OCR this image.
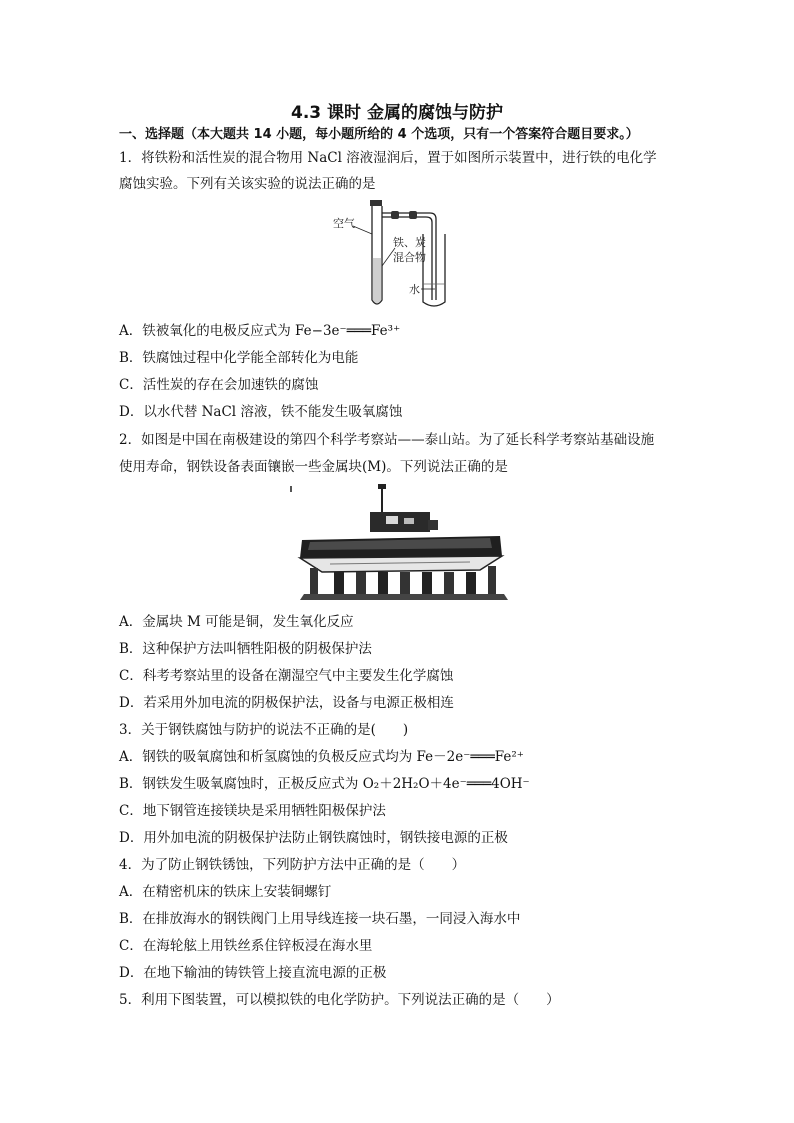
4.3 课时 金属的腐蚀与防护
一、选择题（本大题共 14 小题，每小题所给的 4 个选项，只有一个答案符合题目要求。）
1．将铁粉和活性炭的混合物用 NaCl 溶液湿润后，置于如图所示装置中，进行铁的电化学
腐蚀实验。下列有关该实验的说法正确的是
空气
铁、炭
混合物
水
A．铁被氧化的电极反应式为 Fe−3e⁻═══Fe³⁺
B．铁腐蚀过程中化学能全部转化为电能
C．活性炭的存在会加速铁的腐蚀
D．以水代替 NaCl 溶液，铁不能发生吸氧腐蚀
2．如图是中国在南极建设的第四个科学考察站——泰山站。为了延长科学考察站基础设施
使用寿命，钢铁设备表面镶嵌一些金属块(M)。下列说法正确的是
A．金属块 M 可能是铜，发生氧化反应
B．这种保护方法叫牺牲阳极的阴极保护法
C．科考考察站里的设备在潮湿空气中主要发生化学腐蚀
D．若采用外加电流的阴极保护法，设备与电源正极相连
3．关于钢铁腐蚀与防护的说法不正确的是(　　)
A．钢铁的吸氧腐蚀和析氢腐蚀的负极反应式均为 Fe－2e⁻═══Fe²⁺
B．钢铁发生吸氧腐蚀时，正极反应式为 O₂＋2H₂O＋4e⁻═══4OH⁻
C．地下钢管连接镁块是采用牺牲阳极保护法
D．用外加电流的阴极保护法防止钢铁腐蚀时，钢铁接电源的正极
4．为了防止钢铁锈蚀，下列防护方法中正确的是（　　）
A．在精密机床的铁床上安装铜螺钉
B．在排放海水的钢铁阀门上用导线连接一块石墨，一同浸入海水中
C．在海轮舷上用铁丝系住锌板浸在海水里
D．在地下输油的铸铁管上接直流电源的正极
5．利用下图装置，可以模拟铁的电化学防护。下列说法正确的是（　　）
